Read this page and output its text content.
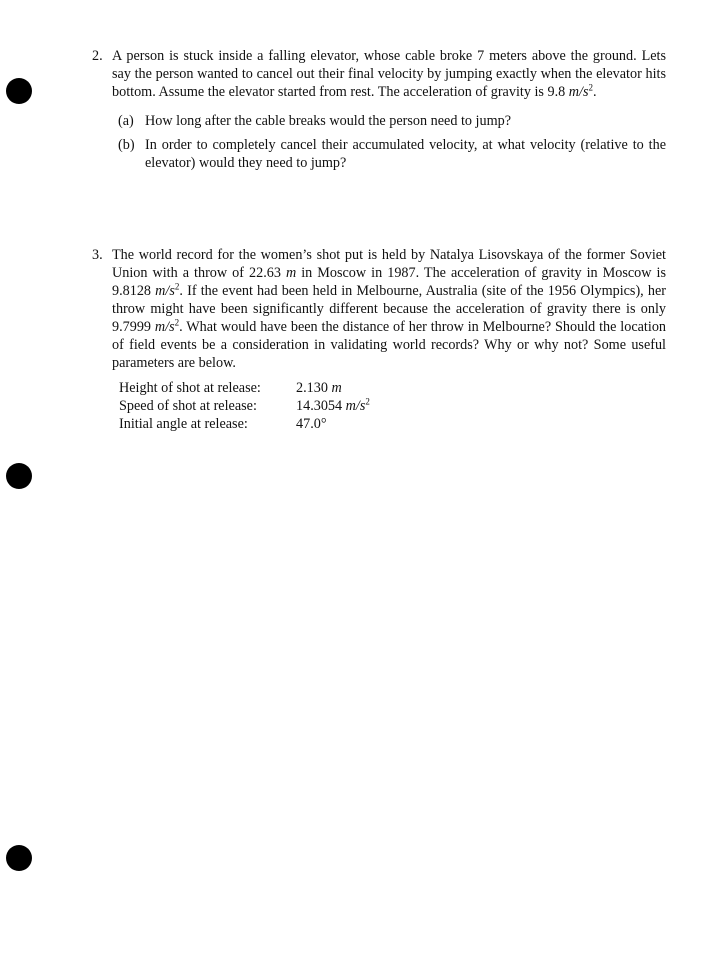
2. A person is stuck inside a falling elevator, whose cable broke 7 meters above the ground. Lets say the person wanted to cancel out their final velocity by jumping exactly when the elevator hits bottom. Assume the elevator started from rest. The acceleration of gravity is 9.8 $m/s^2$.
(a) How long after the cable breaks would the person need to jump?
(b) In order to completely cancel their accumulated velocity, at what velocity (relative to the elevator) would they need to jump?
3. The world record for the women’s shot put is held by Natalya Lisovskaya of the former Soviet Union with a throw of 22.63 m in Moscow in 1987. The acceleration of gravity in Moscow is 9.8128 $m/s^2$. If the event had been held in Melbourne, Australia (site of the 1956 Olympics), her throw might have been significantly different because the acceleration of gravity there is only 9.7999 $m/s^2$. What would have been the distance of her throw in Melbourne? Should the location of field events be a consideration in validating world records? Why or why not? Some useful parameters are below.
Height of shot at release:	2.130 m
Speed of shot at release:	14.3054 $m/s^2$
Initial angle at release:	47.0°
